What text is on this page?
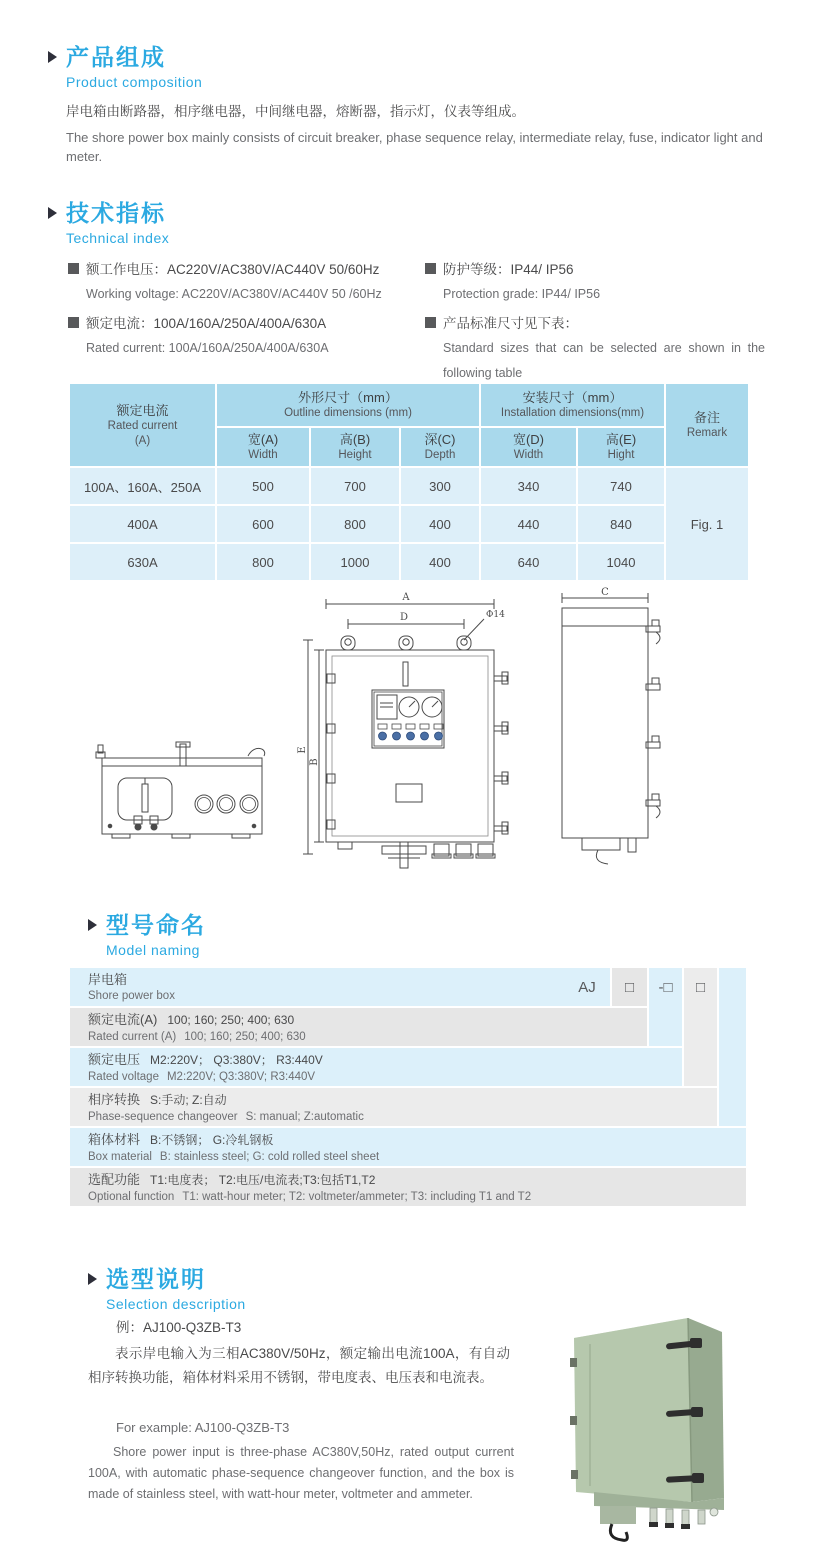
产品组成
Product composition
岸电箱由断路器，相序继电器，中间继电器，熔断器，指示灯，仪表等组成。
The shore power box mainly consists of circuit breaker, phase sequence relay, intermediate relay, fuse, indicator light and meter.
技术指标
Technical index
额工作电压：AC220V/AC380V/AC440V 50/60Hz
Working voltage: AC220V/AC380V/AC440V 50 /60Hz
额定电流：100A/160A/250A/400A/630A
Rated current: 100A/160A/250A/400A/630A
防护等级：IP44/ IP56
Protection grade: IP44/ IP56
产品标准尺寸见下表：
Standard sizes that can be selected are shown in the following table
额定电流
Rated current
(A)

外形尺寸（mm）
Outline dimensions (mm)

安装尺寸（mm）
Installation dimensions(mm)	备注
Remark

宽(A)
Width

高(B)
Height

深(C)
Depth

宽(D)
Width

高(E)
Hight

100A、160A、250A	500	700	300	340	740	Fig. 1
400A	600	800	400	440	840	
630A	800	1000	400	640	1040	
A
D	Φ14
E
B
C
型号命名
Model naming
岸电箱
Shore power box
额定电流(A) 100; 160; 250; 400; 630
Rated current (A) 100; 160; 250; 400; 630
额定电压 M2:220V； Q3:380V； R3:440V
Rated voltage M2:220V; Q3:380V; R3:440V
相序转换 S:手动; Z:自动
Phase-sequence changeover S: manual; Z:automatic
箱体材料 B:不锈钢； G:冷轧钢板
Box material B: stainless steel; G: cold rolled steel sheet
选配功能 T1:电度表； T2:电压/电流表;T3:包括T1,T2
Optional function T1: watt-hour meter; T2: voltmeter/ammeter; T3: including T1 and T2
AJ	□	-□	□
选型说明
Selection description
例：AJ100-Q3ZB-T3
表示岸电输入为三相AC380V/50Hz，额定输出电流100A，有自动相序转换功能，箱体材料采用不锈钢，带电度表、电压表和电流表。
For example: AJ100-Q3ZB-T3
Shore power input is three-phase AC380V,50Hz, rated output current 100A, with automatic phase-sequence changeover function, and the box is made of stainless steel, with watt-hour meter, voltmeter and ammeter.
